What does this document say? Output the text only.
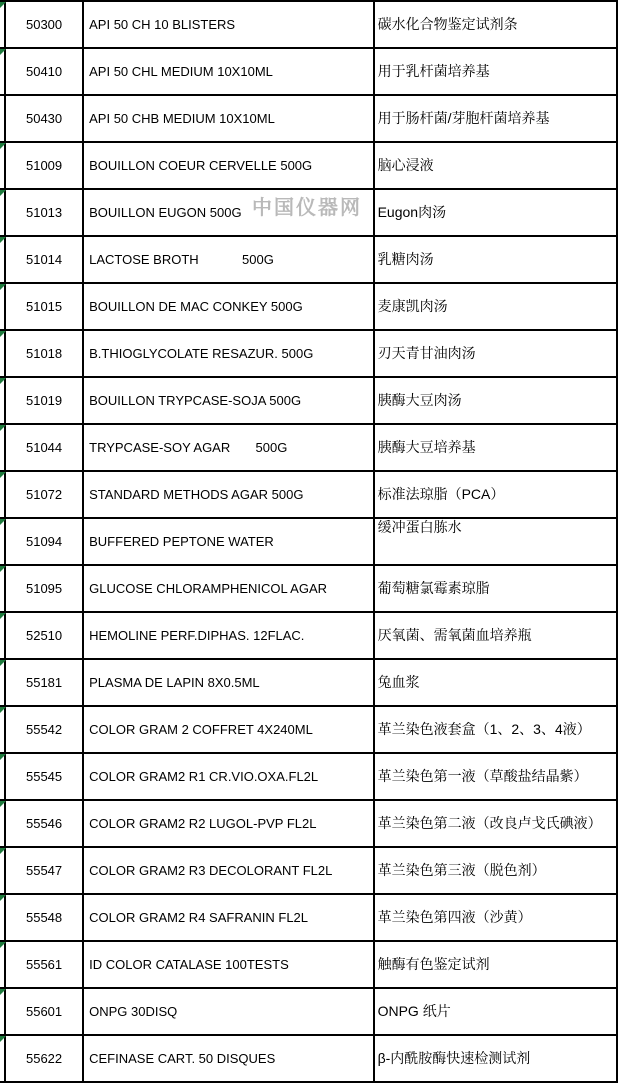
	50300	API 50 CH 10 BLISTERS	碳水化合物鉴定试剂条

	50410	API 50 CHL MEDIUM 10X10ML	用于乳杆菌培养基

	50430	API 50 CHB MEDIUM 10X10ML	用于肠杆菌/芽胞杆菌培养基

	51009	BOUILLON COEUR CERVELLE 500G	脑心浸液

	51013	BOUILLON EUGON 500G	Eugon肉汤

	51014	LACTOSE BROTH            500G	乳糖肉汤

	51015	BOUILLON DE MAC CONKEY 500G	麦康凯肉汤

	51018	B.THIOGLYCOLATE RESAZUR. 500G	刃天青甘油肉汤

	51019	BOUILLON TRYPCASE-SOJA 500G	胰酶大豆肉汤

	51044	TRYPCASE-SOY AGAR       500G	胰酶大豆培养基

	51072	STANDARD METHODS AGAR 500G	标准法琼脂（PCA）

	51094	BUFFERED PEPTONE WATER	缓冲蛋白胨水

	51095	GLUCOSE CHLORAMPHENICOL AGAR	葡萄糖氯霉素琼脂

	52510	HEMOLINE PERF.DIPHAS. 12FLAC.	厌氧菌、需氧菌血培养瓶

	55181	PLASMA DE LAPIN 8X0.5ML	兔血浆

	55542	COLOR GRAM 2 COFFRET 4X240ML	革兰染色液套盒（1、2、3、4液）

	55545	COLOR GRAM2 R1 CR.VIO.OXA.FL2L	革兰染色第一液（草酸盐结晶紫）

	55546	COLOR GRAM2 R2 LUGOL-PVP FL2L	革兰染色第二液（改良卢戈氏碘液）

	55547	COLOR GRAM2 R3 DECOLORANT FL2L	革兰染色第三液（脱色剂）

	55548	COLOR GRAM2 R4 SAFRANIN FL2L	革兰染色第四液（沙黄）

	55561	ID COLOR CATALASE 100TESTS	触酶有色鉴定试剂

	55601	ONPG 30DISQ	ONPG 纸片

	55622	CEFINASE CART. 50 DISQUES	β-内酰胺酶快速检测试剂
中国仪器网
